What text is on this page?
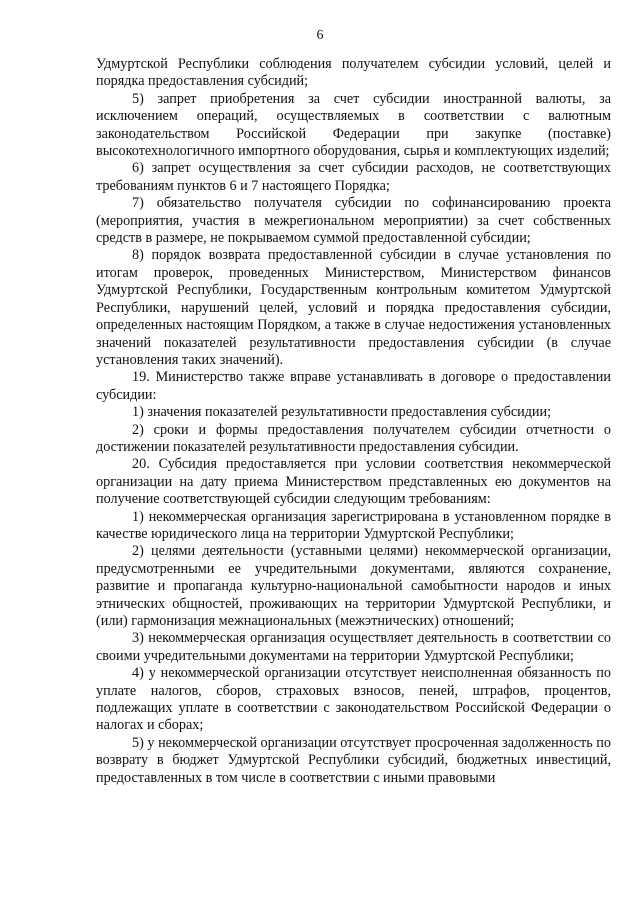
6

Удмуртской Республики соблюдения получателем субсидии условий, целей и порядка предоставления субсидий;

5) запрет приобретения за счет субсидии иностранной валюты, за исключением операций, осуществляемых в соответствии с валютным законодательством Российской Федерации при закупке (поставке) высокотехнологичного импортного оборудования, сырья и комплектующих изделий;

6) запрет осуществления за счет субсидии расходов, не соответствующих требованиям пунктов 6 и 7 настоящего Порядка;

7) обязательство получателя субсидии по софинансированию проекта (мероприятия, участия в межрегиональном мероприятии) за счет собственных средств в размере, не покрываемом суммой предоставленной субсидии;

8) порядок возврата предоставленной субсидии в случае установления по итогам проверок, проведенных Министерством, Министерством финансов Удмуртской Республики, Государственным контрольным комитетом Удмуртской Республики, нарушений целей, условий и порядка предоставления субсидии, определенных настоящим Порядком, а также в случае недостижения установленных значений показателей результативности предоставления субсидии (в случае установления таких значений).

19. Министерство также вправе устанавливать в договоре о предоставлении субсидии:

1) значения показателей результативности предоставления субсидии;

2) сроки и формы предоставления получателем субсидии отчетности о достижении показателей результативности предоставления субсидии.

20. Субсидия предоставляется при условии соответствия некоммерческой организации на дату приема Министерством представленных ею документов на получение соответствующей субсидии следующим требованиям:

1) некоммерческая организация зарегистрирована в установленном порядке в качестве юридического лица на территории Удмуртской Республики;

2) целями деятельности (уставными целями) некоммерческой организации, предусмотренными ее учредительными документами, являются сохранение, развитие и пропаганда культурно-национальной самобытности народов и иных этнических общностей, проживающих на территории Удмуртской Республики, и (или) гармонизация межнациональных (межэтнических) отношений;

3) некоммерческая организация осуществляет деятельность в соответствии со своими учредительными документами на территории Удмуртской Республики;

4) у некоммерческой организации отсутствует неисполненная обязанность по уплате налогов, сборов, страховых взносов, пеней, штрафов, процентов, подлежащих уплате в соответствии с законодательством Российской Федерации о налогах и сборах;

5) у некоммерческой организации отсутствует просроченная задолженность по возврату в бюджет Удмуртской Республики субсидий, бюджетных инвестиций, предоставленных в том числе в соответствии с иными правовыми
